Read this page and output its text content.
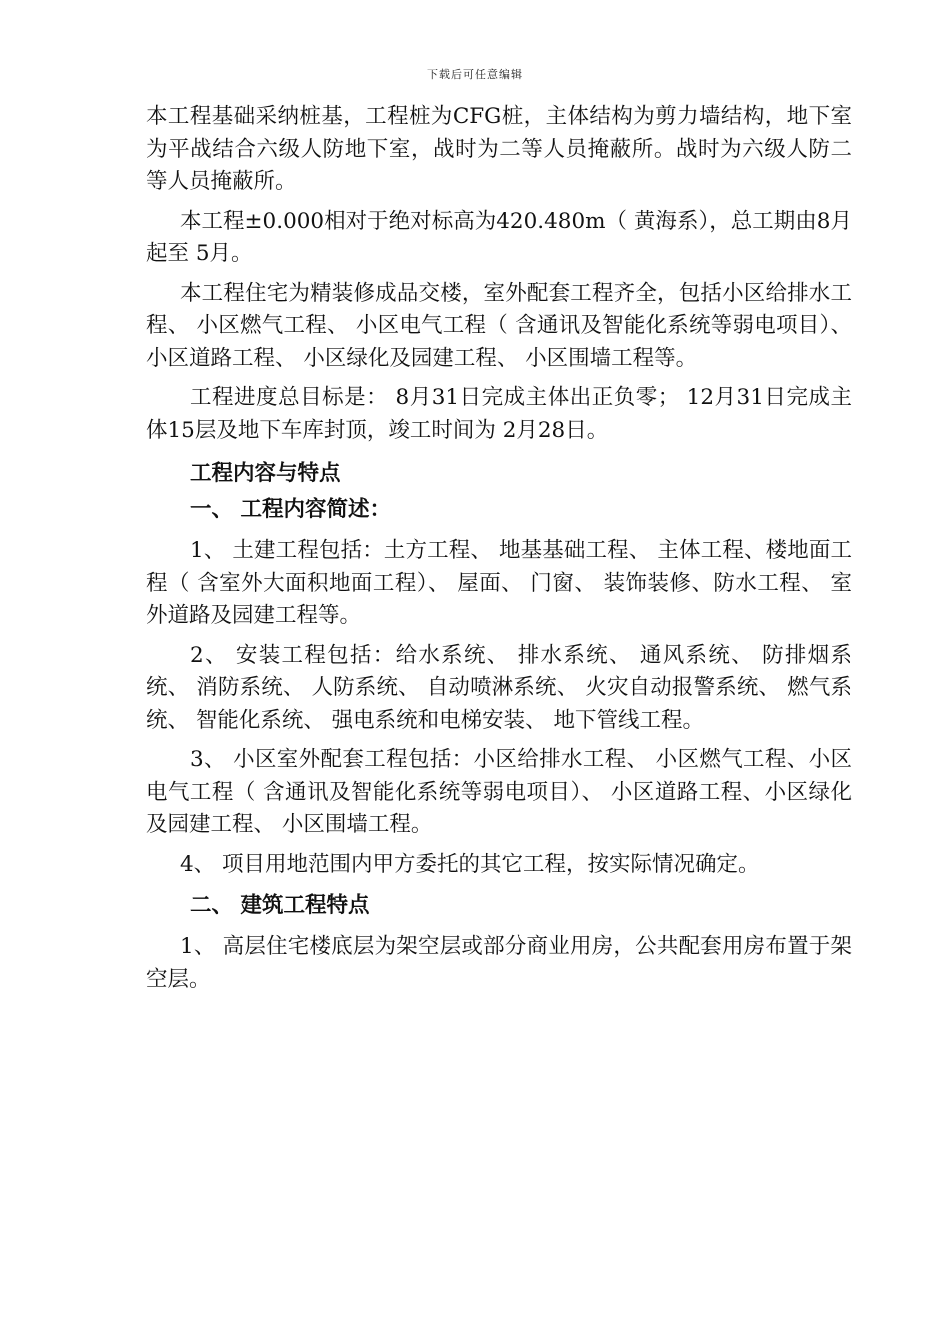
下载后可任意编辑

本工程基础采纳桩基，工程桩为CFG桩，主体结构为剪力墙结构，地下室为平战结合六级人防地下室，战时为二等人员掩蔽所。战时为六级人防二等人员掩蔽所。

本工程±0.000相对于绝对标高为420.480m（ 黄海系），总工期由8月起至 5月。

本工程住宅为精装修成品交楼，室外配套工程齐全，包括小区给排水工程、 小区燃气工程、 小区电气工程（ 含通讯及智能化系统等弱电项目）、 小区道路工程、 小区绿化及园建工程、 小区围墙工程等。

工程进度总目标是： 8月31日完成主体出正负零； 12月31日完成主体15层及地下车库封顶，竣工时间为 2月28日。

工程内容与特点
一、 工程内容简述：

1、 土建工程包括：土方工程、 地基基础工程、 主体工程、楼地面工程（ 含室外大面积地面工程）、 屋面、 门窗、 装饰装修、防水工程、 室外道路及园建工程等。

2、 安装工程包括：给水系统、 排水系统、 通风系统、 防排烟系统、 消防系统、 人防系统、 自动喷淋系统、 火灾自动报警系统、 燃气系统、 智能化系统、 强电系统和电梯安装、 地下管线工程。

3、 小区室外配套工程包括：小区给排水工程、 小区燃气工程、小区电气工程（ 含通讯及智能化系统等弱电项目）、 小区道路工程、小区绿化及园建工程、 小区围墙工程。

4、 项目用地范围内甲方委托的其它工程，按实际情况确定。

二、 建筑工程特点

1、 高层住宅楼底层为架空层或部分商业用房，公共配套用房布置于架空层。
